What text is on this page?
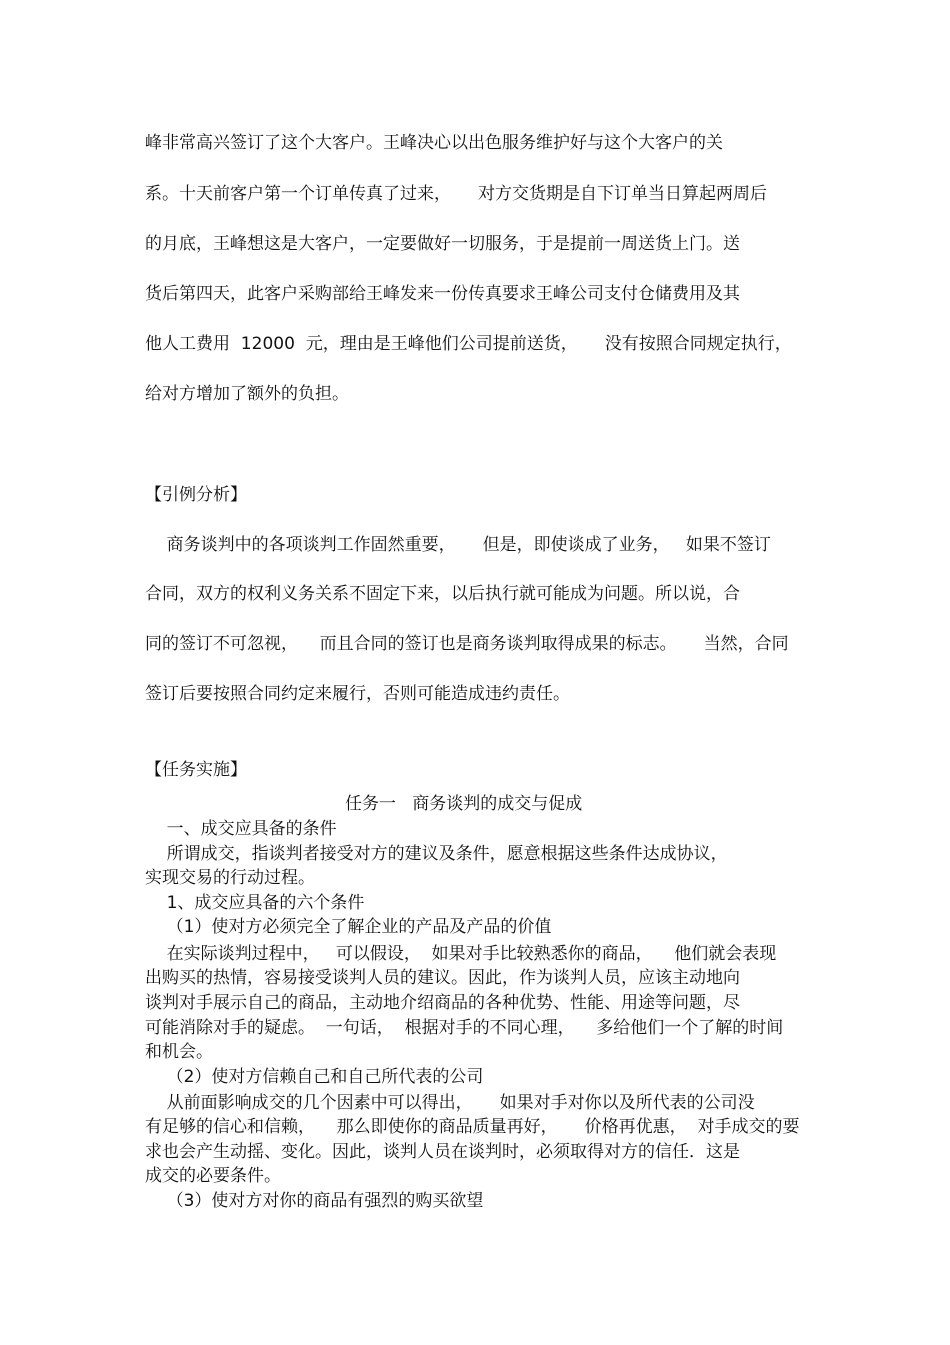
峰非常高兴签订了这个大客户。王峰决心以出色服务维护好与这个大客户的关
系。十天前客户第一个订单传真了过来，     对方交货期是自下订单当日算起两周后
的月底，王峰想这是大客户，一定要做好一切服务，于是提前一周送货上门。送
货后第四天，此客户采购部给王峰发来一份传真要求王峰公司支付仓储费用及其
他人工费用  12000  元，理由是王峰他们公司提前送货，     没有按照合同规定执行，
给对方增加了额外的负担。
【引例分析】
商务谈判中的各项谈判工作固然重要，     但是，即使谈成了业务，   如果不签订
合同，双方的权利义务关系不固定下来，以后执行就可能成为问题。所以说，合
同的签订不可忽视，    而且合同的签订也是商务谈判取得成果的标志。     当然，合同
签订后要按照合同约定来履行，否则可能造成违约责任。
【任务实施】
任务一   商务谈判的成交与促成
一、成交应具备的条件
所谓成交，指谈判者接受对方的建议及条件，愿意根据这些条件达成协议，
实现交易的行动过程。
1、成交应具备的六个条件
（1）使对方必须完全了解企业的产品及产品的价值
在实际谈判过程中，   可以假设，  如果对手比较熟悉你的商品，    他们就会表现
出购买的热情，容易接受谈判人员的建议。因此，作为谈判人员，应该主动地向
谈判对手展示自己的商品，主动地介绍商品的各种优势、性能、用途等问题，尽
可能消除对手的疑虑。  一句话，  根据对手的不同心理，    多给他们一个了解的时间
和机会。
（2）使对方信赖自己和自己所代表的公司
从前面影响成交的几个因素中可以得出，     如果对手对你以及所代表的公司没
有足够的信心和信赖，    那么即使你的商品质量再好，     价格再优惠，  对手成交的要
求也会产生动摇、变化。因此，谈判人员在谈判时，必须取得对方的信任．这是
成交的必要条件。
（3）使对方对你的商品有强烈的购买欲望
